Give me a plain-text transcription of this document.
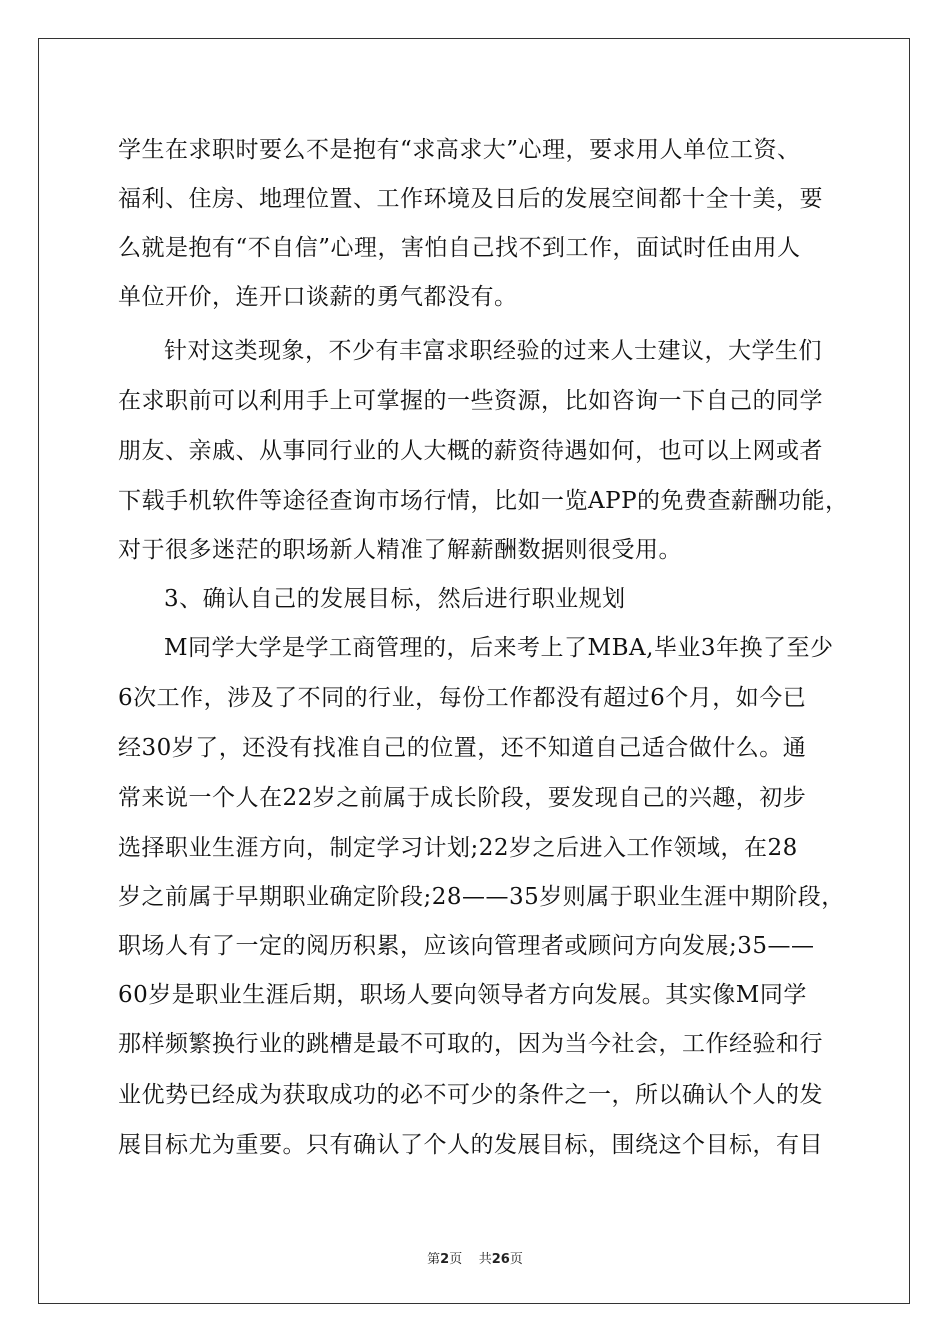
学生在求职时要么不是抱有“求高求大”心理，要求用人单位工资、
福利、住房、地理位置、工作环境及日后的发展空间都十全十美，要
么就是抱有“不自信”心理，害怕自己找不到工作，面试时任由用人
单位开价，连开口谈薪的勇气都没有。
针对这类现象，不少有丰富求职经验的过来人士建议，大学生们
在求职前可以利用手上可掌握的一些资源，比如咨询一下自己的同学
朋友、亲戚、从事同行业的人大概的薪资待遇如何，也可以上网或者
下载手机软件等途径查询市场行情，比如一览APP的免费查薪酬功能，
对于很多迷茫的职场新人精准了解薪酬数据则很受用。
3、确认自己的发展目标，然后进行职业规划
M同学大学是学工商管理的，后来考上了MBA,毕业3年换了至少
6次工作，涉及了不同的行业，每份工作都没有超过6个月，如今已
经30岁了，还没有找准自己的位置，还不知道自己适合做什么。通
常来说一个人在22岁之前属于成长阶段，要发现自己的兴趣，初步
选择职业生涯方向，制定学习计划;22岁之后进入工作领域，在28
岁之前属于早期职业确定阶段;28——35岁则属于职业生涯中期阶段，
职场人有了一定的阅历积累，应该向管理者或顾问方向发展;35——
60岁是职业生涯后期，职场人要向领导者方向发展。其实像M同学
那样频繁换行业的跳槽是最不可取的，因为当今社会，工作经验和行
业优势已经成为获取成功的必不可少的条件之一，所以确认个人的发
展目标尤为重要。只有确认了个人的发展目标，围绕这个目标，有目
第2页 共26页
